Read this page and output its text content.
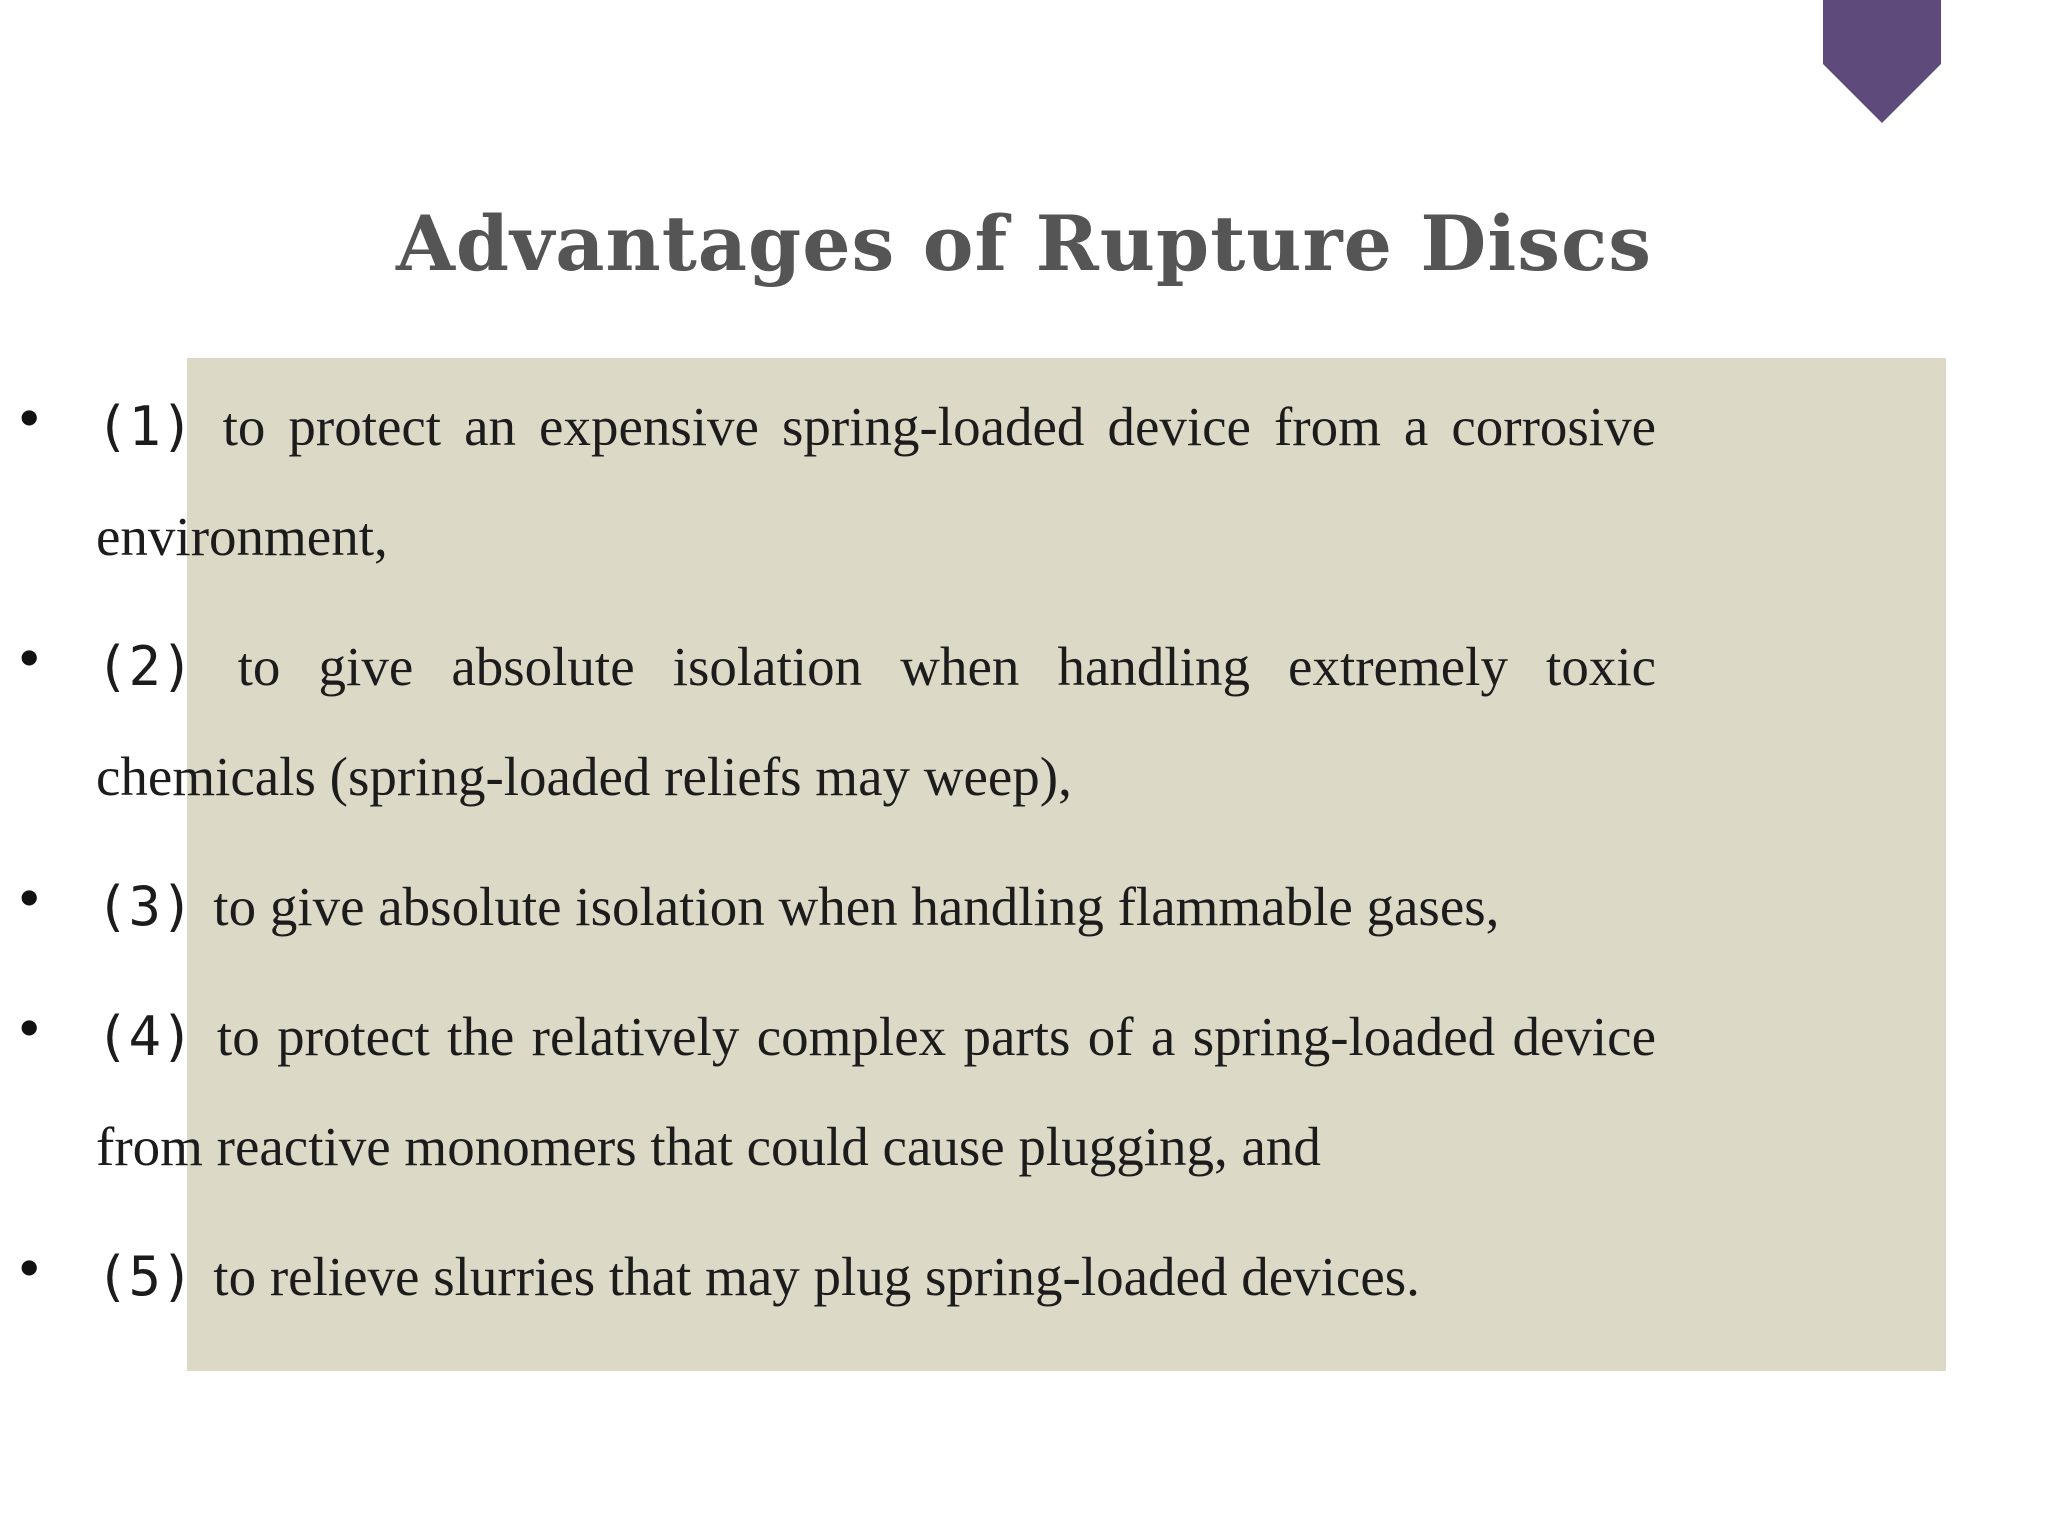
Advantages of Rupture Discs
•	(1) to protect an expensive spring-loaded device from a corrosive environment,
•	(2) to give absolute isolation when handling extremely toxic chemicals (spring-loaded reliefs may weep),
•	(3) to give absolute isolation when handling flammable gases,
•	(4) to protect the relatively complex parts of a spring-loaded device from reactive monomers that could cause plugging, and
•	(5) to relieve slurries that may plug spring-loaded devices.
